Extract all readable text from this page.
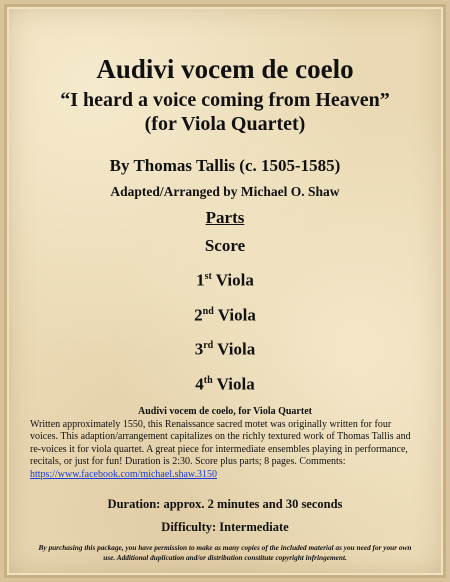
Audivi vocem de coelo
“I heard a voice coming from Heaven”
(for Viola Quartet)
By Thomas Tallis (c. 1505-1585)
Adapted/Arranged by Michael O. Shaw
Parts
Score
1st Viola
2nd Viola
3rd Viola
4th Viola
Audivi vocem de coelo, for Viola Quartet
Written approximately 1550, this Renaissance sacred motet was originally written for four voices. This adaption/arrangement capitalizes on the richly textured work of Thomas Tallis and re-voices it for viola quartet. A great piece for intermediate ensembles playing in performance, recitals, or just for fun! Duration is 2:30. Score plus parts; 8 pages. Comments: https://www.facebook.com/michael.shaw.3150
Duration: approx. 2 minutes and 30 seconds
Difficulty: Intermediate
By purchasing this package, you have permission to make as many copies of the included material as you need for your own use. Additional duplication and/or distribution constitute copyright infringement.
